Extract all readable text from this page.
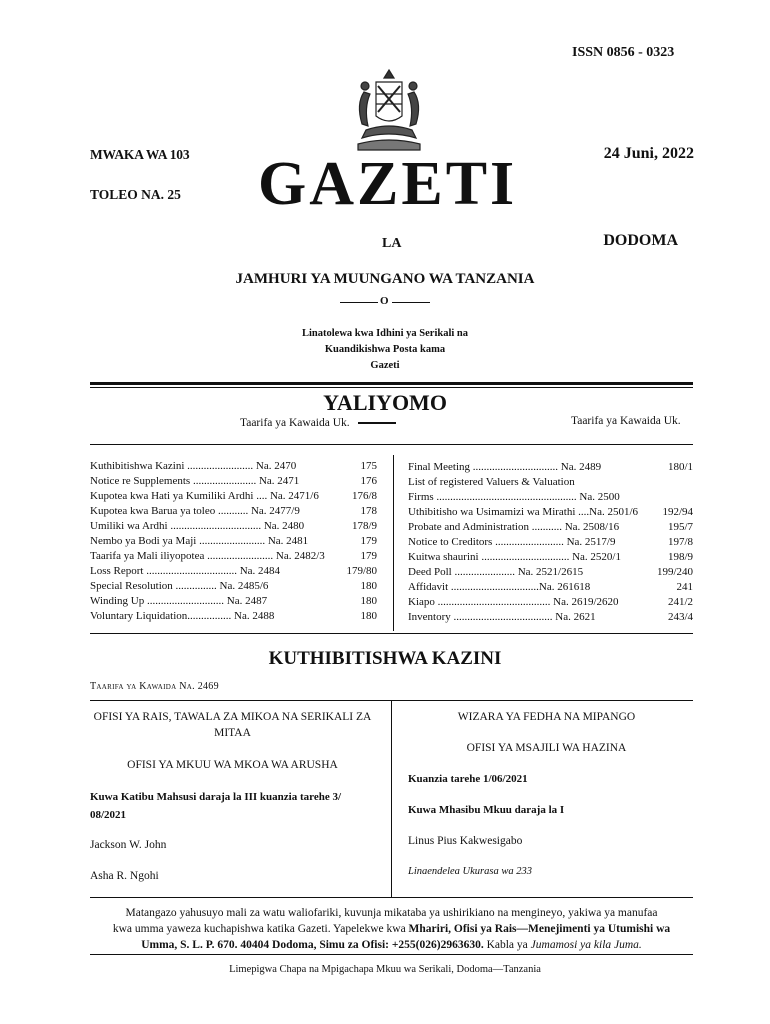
ISSN 0856 - 0323
MWAKA WA 103	24 Juni, 2022
TOLEO NA. 25 GAZETI
LA	DODOMA
JAMHURI YA MUUNGANO WA TANZANIA
O
Linatolewa kwa Idhini ya Serikali na
Kuandikishwa Posta kama
Gazeti
YALIYOMO
Taarifa ya Kawaida Uk.	Taarifa ya Kawaida Uk.
Kuthibitishwa Kazini ........................ Na. 2470	175
Notice re Supplements ....................... Na. 2471	176
Kupotea kwa Hati ya Kumiliki Ardhi .... Na. 2471/6	176/8
Kupotea kwa Barua ya toleo ........... Na. 2477/9	178
Umiliki wa Ardhi ................................. Na. 2480	178/9
Nembo ya Bodi ya Maji ........................ Na. 2481	179
Taarifa ya Mali iliyopotea ........................ Na. 2482/3	179
Loss Report ................................. Na. 2484	179/80
Special Resolution ............... Na. 2485/6	180
Winding Up ............................ Na. 2487	180
Voluntary Liquidation................ Na. 2488	180
Final Meeting ............................... Na. 2489	180/1
List of registered Valuers & Valuation
Firms ................................................... Na. 2500
Uthibitisho wa Usimamizi wa Mirathi ....Na. 2501/6	192/94
Probate and Administration ........... Na. 2508/16	195/7
Notice to Creditors ......................... Na. 2517/9	197/8
Kuitwa shaurini ................................ Na. 2520/1	198/9
Deed Poll ...................... Na. 2521/2615	199/240
Affidavit ................................Na. 261618	241
Kiapo ......................................... Na. 2619/2620	241/2
Inventory .................................... Na. 2621	243/4
KUTHIBITISHWA KAZINI
Taarifa ya Kawaida Na. 2469
OFISI YA RAIS, TAWALA ZA MIKOA NA SERIKALI ZA MITAA
OFISI YA MKUU WA MKOA WA ARUSHA
Kuwa Katibu Mahsusi daraja la III kuanzia tarehe 3/ 08/2021
Jackson W. John
Asha R. Ngohi
WIZARA YA FEDHA NA MIPANGO
OFISI YA MSAJILI WA HAZINA
Kuanzia tarehe 1/06/2021
Kuwa Mhasibu Mkuu daraja la I
Linus Pius Kakwesigabo
Linaendelea Ukurasa wa 233
Matangazo yahusuyo mali za watu waliofariki, kuvunja mikataba ya ushirikiano na mengineyo, yakiwa ya manufaa
kwa umma yaweza kuchapishwa katika Gazeti. Yapelekwe kwa Mhariri, Ofisi ya Rais—Menejimenti ya Utumishi wa
Umma, S. L. P. 670. 40404 Dodoma, Simu za Ofisi: +255(026)2963630. Kabla ya Jumamosi ya kila Juma.
Limepigwa Chapa na Mpigachapa Mkuu wa Serikali, Dodoma—Tanzania
